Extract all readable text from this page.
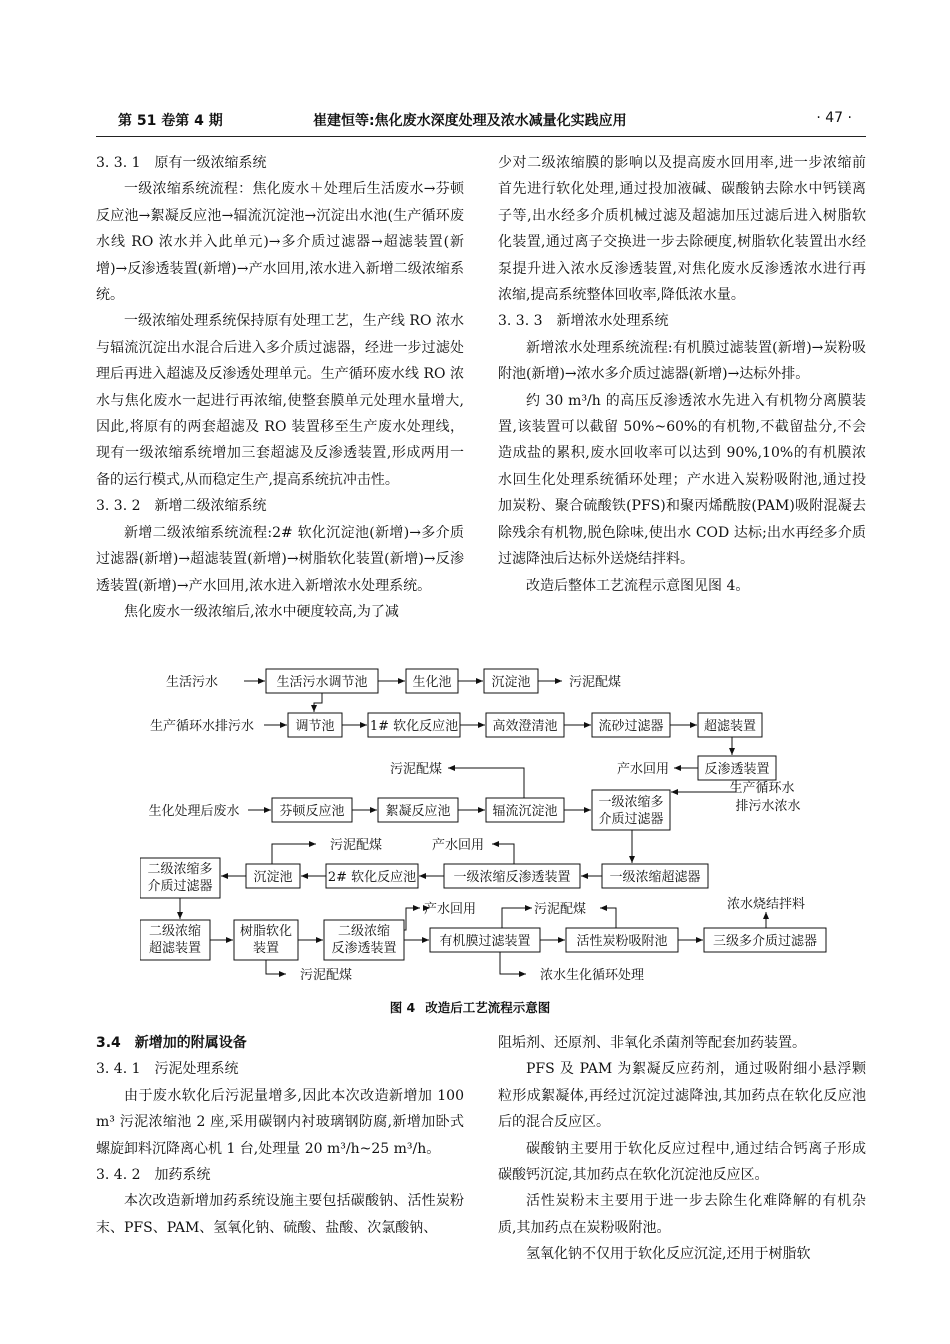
第 51 卷第 4 期	崔建恒等:焦化废水深度处理及浓水减量化实践应用	· 47 ·

3. 3. 1　原有一级浓缩系统

一级浓缩系统流程：焦化废水＋处理后生活废水→芬顿反应池→絮凝反应池→辐流沉淀池→沉淀出水池(生产循环废水线 RO 浓水并入此单元)→多介质过滤器→超滤装置(新增)→反渗透装置(新增)→产水回用,浓水进入新增二级浓缩系统。

一级浓缩处理系统保持原有处理工艺，生产线 RO 浓水与辐流沉淀出水混合后进入多介质过滤器，经进一步过滤处理后再进入超滤及反渗透处理单元。生产循环废水线 RO 浓水与焦化废水一起进行再浓缩,使整套膜单元处理水量增大,因此,将原有的两套超滤及 RO 装置移至生产废水处理线，现有一级浓缩系统增加三套超滤及反渗透装置,形成两用一备的运行模式,从而稳定生产,提高系统抗冲击性。

3. 3. 2　新增二级浓缩系统

新增二级浓缩系统流程:2# 软化沉淀池(新增)→多介质过滤器(新增)→超滤装置(新增)→树脂软化装置(新增)→反渗透装置(新增)→产水回用,浓水进入新增浓水处理系统。

焦化废水一级浓缩后,浓水中硬度较高,为了减

少对二级浓缩膜的影响以及提高废水回用率,进一步浓缩前首先进行软化处理,通过投加液碱、碳酸钠去除水中钙镁离子等,出水经多介质机械过滤及超滤加压过滤后进入树脂软化装置,通过离子交换进一步去除硬度,树脂软化装置出水经泵提升进入浓水反渗透装置,对焦化废水反渗透浓水进行再浓缩,提高系统整体回收率,降低浓水量。

3. 3. 3　新增浓水处理系统

新增浓水处理系统流程:有机膜过滤装置(新增)→炭粉吸附池(新增)→浓水多介质过滤器(新增)→达标外排。

约 30 m³/h 的高压反渗透浓水先进入有机物分离膜装置,该装置可以截留 50%~60%的有机物,不截留盐分,不会造成盐的累积,废水回收率可以达到 90%,10%的有机膜浓水回生化处理系统循环处理；产水进入炭粉吸附池,通过投加炭粉、聚合硫酸铁(PFS)和聚丙烯酰胺(PAM)吸附混凝去除残余有机物,脱色除味,使出水 COD 达标;出水再经多介质过滤降浊后达标外送烧结拌料。

改造后整体工艺流程示意图见图 4。

生活污水	生活污水调节池	生化池	沉淀池	污泥配煤
生产循环水排污水	调节池	1# 软化反应池	高效澄清池	流砂过滤器	超滤装置
污泥配煤	产水回用	反渗透装置
生产循环水
排污水浓水
生化处理后废水	芬顿反应池	絮凝反应池	辐流沉淀池
一级浓缩多
介质过滤器
污泥配煤	产水回用
二级浓缩多
介质过滤器
沉淀池	2# 软化反应池	一级浓缩反渗透装置	一级浓缩超滤器
二级浓缩
超滤装置
树脂软化
装置
二级浓缩
反渗透装置
产水回用	污泥配煤	浓水烧结拌料
有机膜过滤装置	活性炭粉吸附池	三级多介质过滤器
污泥配煤	浓水生化循环处理
图 4 改造后工艺流程示意图

3.4　新增加的附属设备

3. 4. 1　污泥处理系统

由于废水软化后污泥量增多,因此本次改造新增加 100 m³ 污泥浓缩池 2 座,采用碳钢内衬玻璃钢防腐,新增加卧式螺旋卸料沉降离心机 1 台,处理量 20 m³/h~25 m³/h。

3. 4. 2　加药系统

本次改造新增加药系统设施主要包括碳酸钠、活性炭粉末、PFS、PAM、氢氧化钠、硫酸、盐酸、次氯酸钠、

阻垢剂、还原剂、非氧化杀菌剂等配套加药装置。

PFS 及 PAM 为絮凝反应药剂，通过吸附细小悬浮颗粒形成絮凝体,再经过沉淀过滤降浊,其加药点在软化反应池后的混合反应区。

碳酸钠主要用于软化反应过程中,通过结合钙离子形成碳酸钙沉淀,其加药点在软化沉淀池反应区。

活性炭粉末主要用于进一步去除生化难降解的有机杂质,其加药点在炭粉吸附池。

氢氧化钠不仅用于软化反应沉淀,还用于树脂软
